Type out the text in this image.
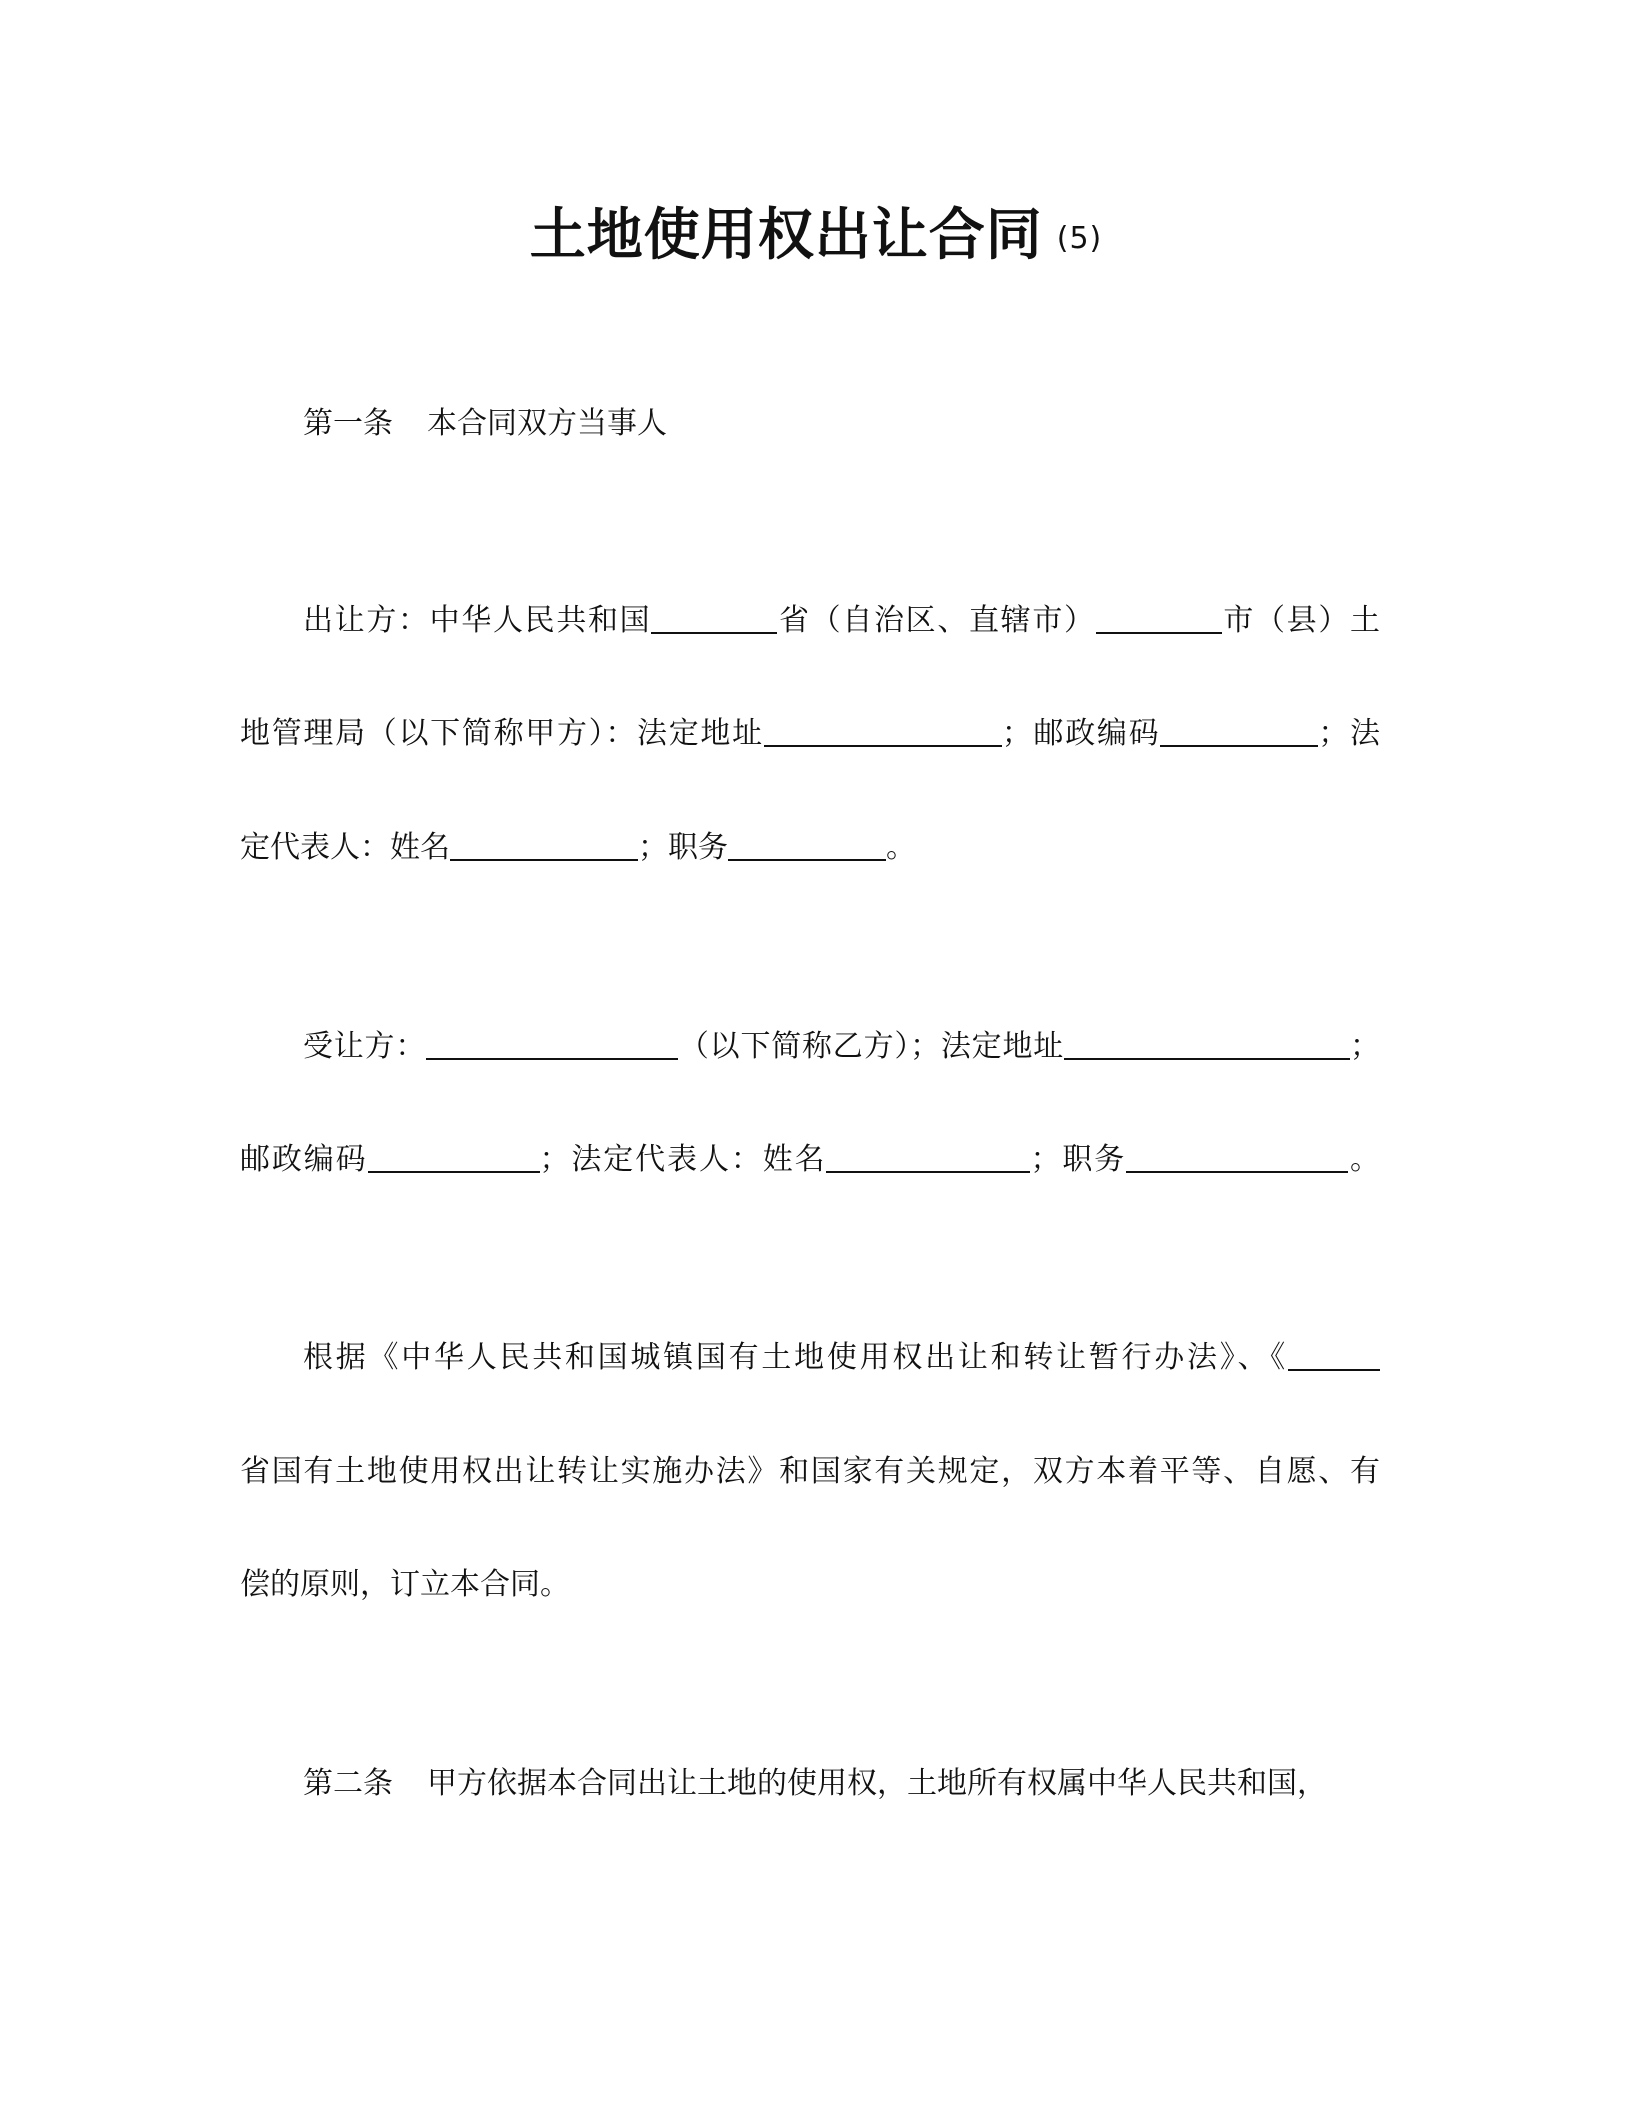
土地使用权出让合同 (5)
第一条 本合同双方当事人
出让方：中华人民共和国	省（自治区、直辖市）	市（县）土
地管理局（以下简称甲方）：法定地址	；邮政编码	；法
定代表人：姓名	；职务	。
受让方：	（以下简称乙方）；法定地址	；
邮政编码	；法定代表人：姓名	；职务	。
根据《中华人民共和国城镇国有土地使用权出让和转让暂行办法》、《
省国有土地使用权出让转让实施办法》和国家有关规定，双方本着平等、自愿、有
偿的原则，订立本合同。
第二条 甲方依据本合同出让土地的使用权，土地所有权属中华人民共和国，
